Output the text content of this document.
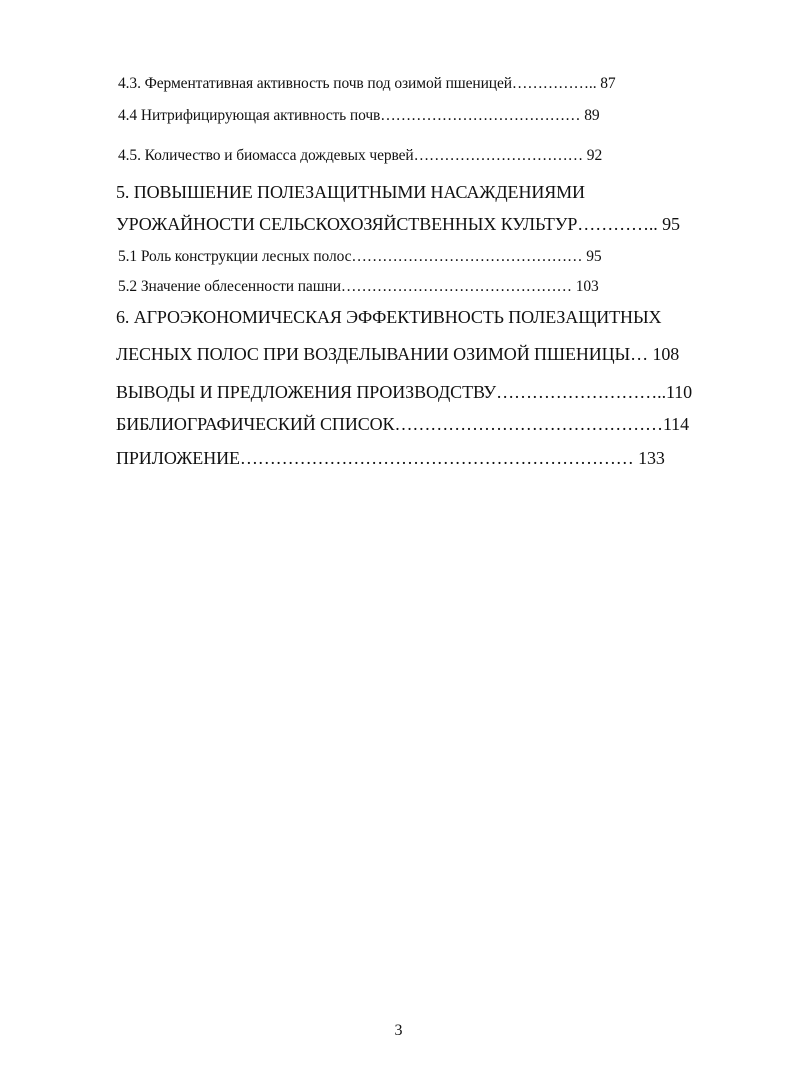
4.3. Ферментативная активность почв под озимой пшеницей…………….. 87
4.4 Нитрифицирующая активность почв………………………………… 89
4.5. Количество и биомасса дождевых червей…………………………… 92
5. ПОВЫШЕНИЕ ПОЛЕЗАЩИТНЫМИ НАСАЖДЕНИЯМИ
УРОЖАЙНОСТИ СЕЛЬСКОХОЗЯЙСТВЕННЫХ КУЛЬТУР………….. 95
5.1 Роль конструкции лесных полос……………………………………… 95
5.2 Значение облесенности пашни……………………………………… 103
6. АГРОЭКОНОМИЧЕСКАЯ ЭФФЕКТИВНОСТЬ ПОЛЕЗАЩИТНЫХ
ЛЕСНЫХ ПОЛОС ПРИ ВОЗДЕЛЫВАНИИ ОЗИМОЙ ПШЕНИЦЫ… 108
ВЫВОДЫ И ПРЕДЛОЖЕНИЯ ПРОИЗВОДСТВУ………………………..110
БИБЛИОГРАФИЧЕСКИЙ СПИСОК………………………………………114
ПРИЛОЖЕНИЕ………………………………………………………… 133
3
